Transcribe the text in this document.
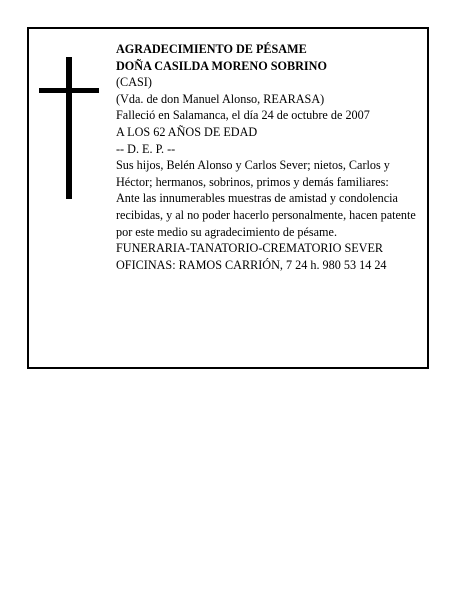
AGRADECIMIENTO DE PÉSAME

DOÑA CASILDA MORENO SOBRINO

(CASI)

(Vda. de don Manuel Alonso, REARASA)

Falleció en Salamanca, el día 24 de octubre de 2007

A LOS 62 AÑOS DE EDAD

-- D. E. P. --

Sus hijos, Belén Alonso y Carlos Sever; nietos, Carlos y Héctor; hermanos, sobrinos, primos y demás familiares:

Ante las innumerables muestras de amistad y condolencia recibidas, y al no poder hacerlo personalmente, hacen patente por este medio su agradecimiento de pésame.

FUNERARIA-TANATORIO-CREMATORIO SEVER

OFICINAS: RAMOS CARRIÓN, 7 24 h. 980 53 14 24
